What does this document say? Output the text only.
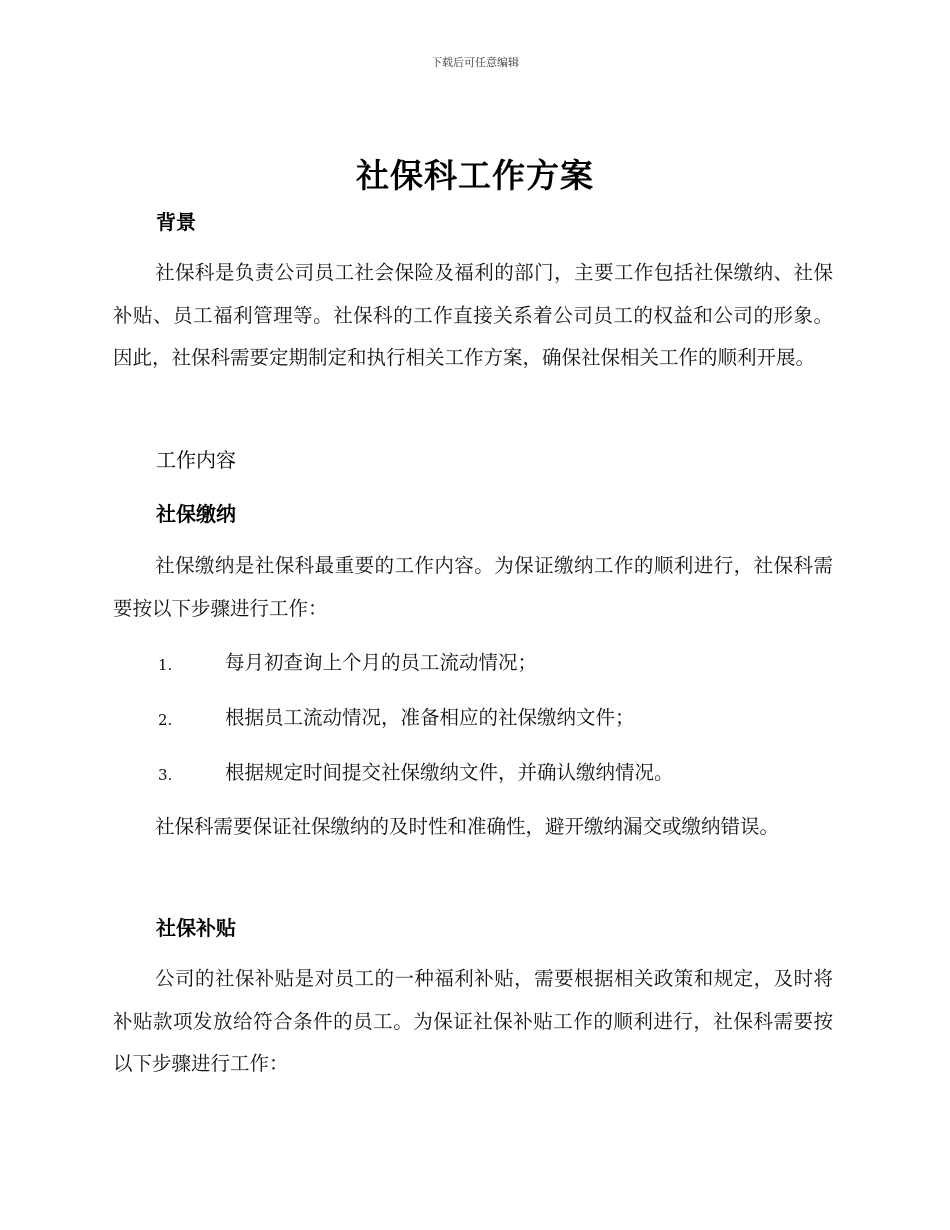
下载后可任意编辑
社保科工作方案
背景
社保科是负责公司员工社会保险及福利的部门，主要工作包括社保缴纳、社保补贴、员工福利管理等。社保科的工作直接关系着公司员工的权益和公司的形象。因此，社保科需要定期制定和执行相关工作方案，确保社保相关工作的顺利开展。
工作内容
社保缴纳
社保缴纳是社保科最重要的工作内容。为保证缴纳工作的顺利进行，社保科需要按以下步骤进行工作：
1.	每月初查询上个月的员工流动情况；
2.	根据员工流动情况，准备相应的社保缴纳文件；
3.	根据规定时间提交社保缴纳文件，并确认缴纳情况。
社保科需要保证社保缴纳的及时性和准确性，避开缴纳漏交或缴纳错误。
社保补贴
公司的社保补贴是对员工的一种福利补贴，需要根据相关政策和规定，及时将补贴款项发放给符合条件的员工。为保证社保补贴工作的顺利进行，社保科需要按以下步骤进行工作：
